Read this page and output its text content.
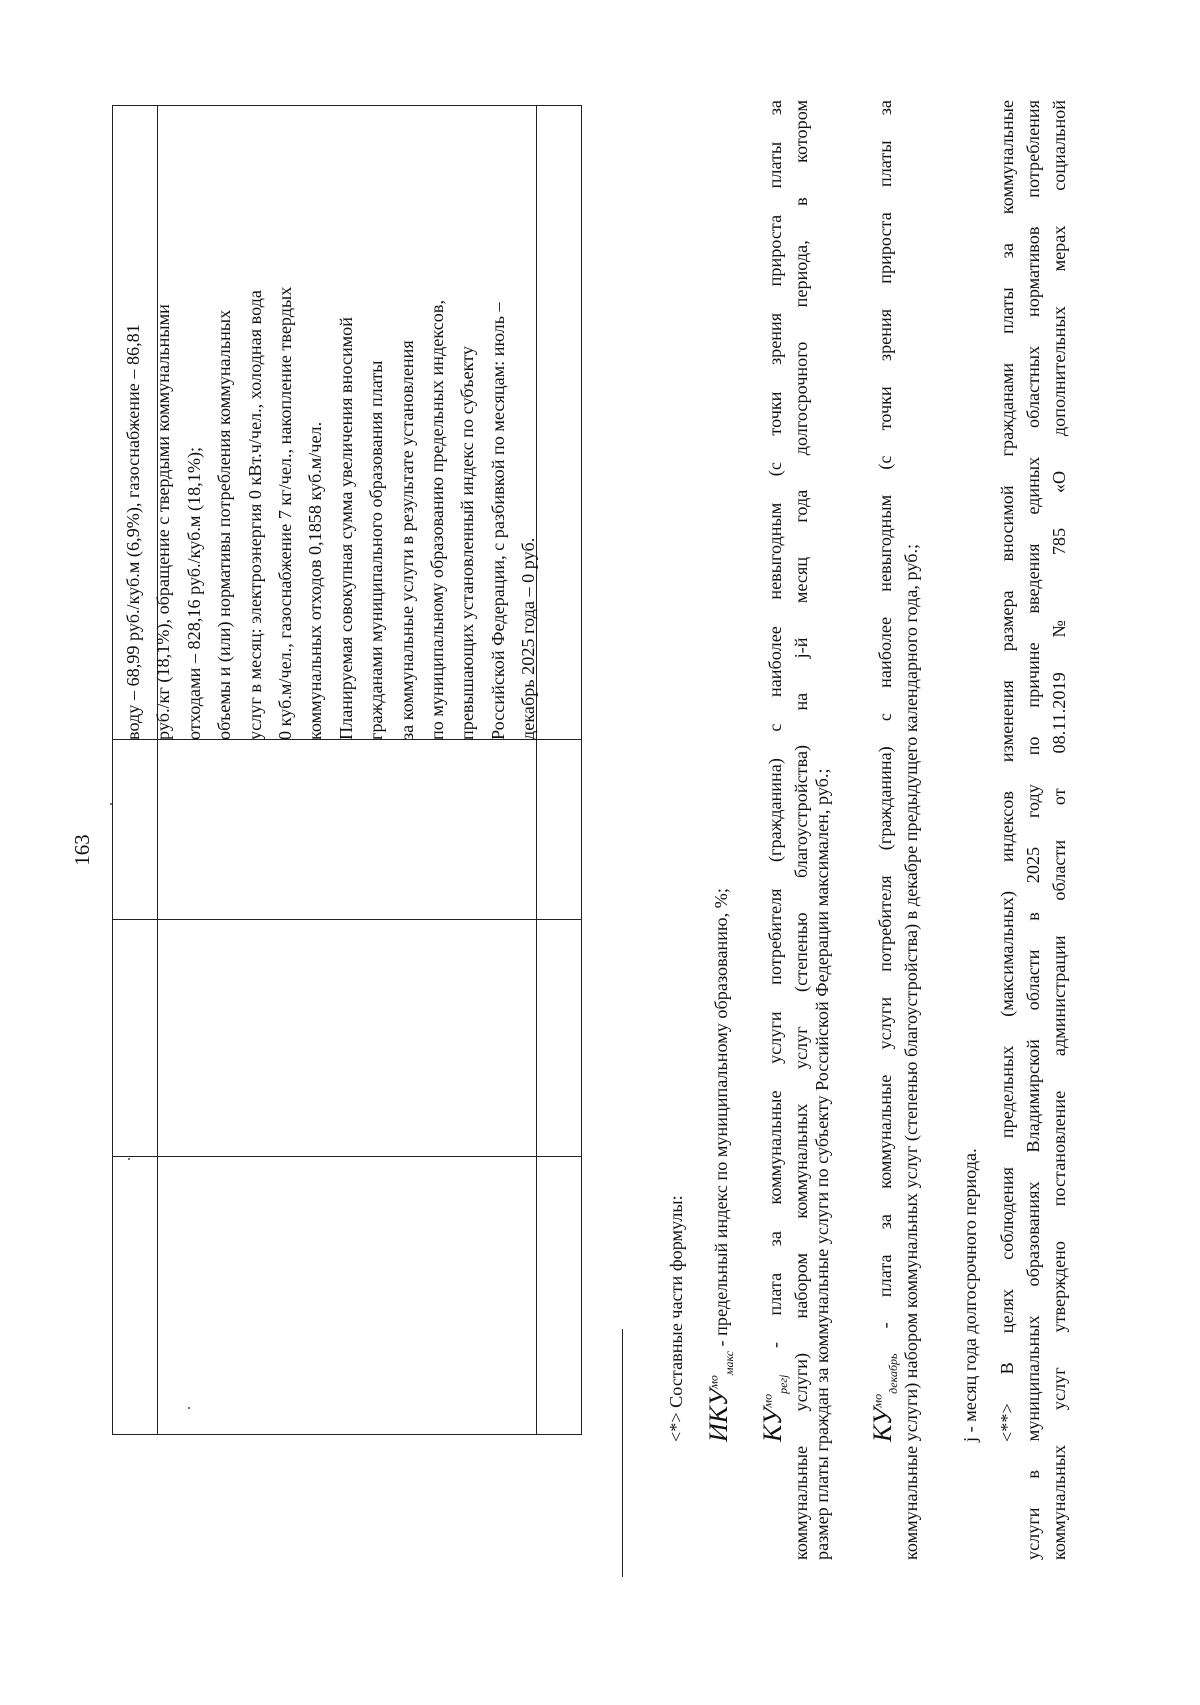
163
воду – 68,99 руб./куб.м (6,9%), газоснабжение – 86,81 руб./кг (18,1%), обращение с твердыми коммунальными отходами – 828,16 руб./куб.м (18,1%); объемы и (или) нормативы потребления коммунальных услуг в месяц: электроэнергия 0 кВт.ч/чел., холодная вода 0 куб.м/чел., газоснабжение 7 кг/чел., накопление твердых коммунальных отходов 0,1858 куб.м/чел. Планируемая совокупная сумма увеличения вносимой гражданами муниципального образования платы за коммунальные услуги в результате установления по муниципальному образованию предельных индексов, превышающих установленный индекс по субъекту Российской Федерации, с разбивкой по месяцам: июль – декабрь 2025 года – 0 руб.
<*> Составные части формулы: $ИКУ^{мо}_{макс}$ - предельный индекс по муниципальному образованию, %;
$КУ^{мо}_{регj}$ - плата за коммунальные услуги потребителя (гражданина) с наиболее невыгодным (с точки зрения прироста платы за коммунальные услуги) набором коммунальных услуг (степенью благоустройства) на j-й месяц года долгосрочного периода, в котором размер платы граждан за коммунальные услуги по субъекту Российской Федерации максимален, руб.; $КУ^{мо}_{декабрь}$ - плата за коммунальные услуги потребителя (гражданина) с наиболее невыгодным (с точки зрения прироста платы за коммунальные услуги) набором коммунальных услуг (степенью благоустройства) в декабре предыдущего календарного года, руб.; j - месяц года долгосрочного периода. <**> В целях соблюдения предельных (максимальных) индексов изменения размера вносимой гражданами платы за коммунальные услуги в муниципальных образованиях Владимирской области в 2025 году по причине введения единых областных нормативов потребления коммунальных услуг утверждено постановление администрации области от 08.11.2019 № 785 «О дополнительных мерах социальной
